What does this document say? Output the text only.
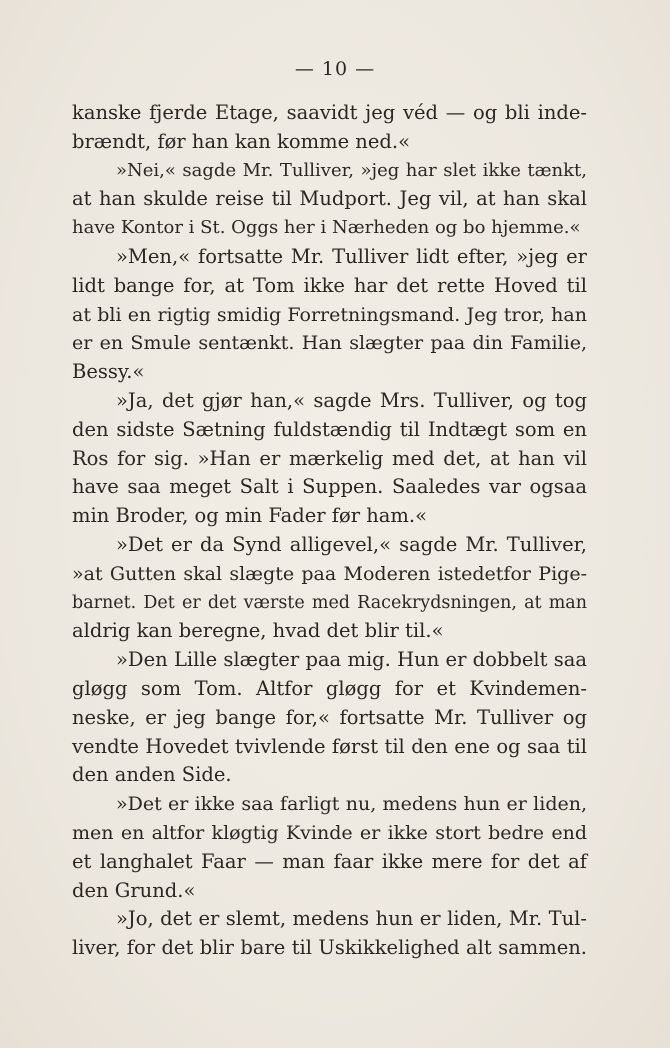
— 10 —
kanske fjerde Etage, saavidt jeg véd — og bli inde-
brændt, før han kan komme ned.«
»Nei,« sagde Mr. Tulliver, »jeg har slet ikke tænkt,
at han skulde reise til Mudport. Jeg vil, at han skal
have Kontor i St. Oggs her i Nærheden og bo hjemme.«
»Men,« fortsatte Mr. Tulliver lidt efter, »jeg er
lidt bange for, at Tom ikke har det rette Hoved til
at bli en rigtig smidig Forretningsmand. Jeg tror, han
er en Smule sentænkt. Han slægter paa din Familie,
Bessy.«
»Ja, det gjør han,« sagde Mrs. Tulliver, og tog
den sidste Sætning fuldstændig til Indtægt som en
Ros for sig. »Han er mærkelig med det, at han vil
have saa meget Salt i Suppen. Saaledes var ogsaa
min Broder, og min Fader før ham.«
»Det er da Synd alligevel,« sagde Mr. Tulliver,
»at Gutten skal slægte paa Moderen istedetfor Pige-
barnet. Det er det værste med Racekrydsningen, at man
aldrig kan beregne, hvad det blir til.«
»Den Lille slægter paa mig. Hun er dobbelt saa
gløgg som Tom. Altfor gløgg for et Kvindemen-
neske, er jeg bange for,« fortsatte Mr. Tulliver og
vendte Hovedet tvivlende først til den ene og saa til
den anden Side.
»Det er ikke saa farligt nu, medens hun er liden,
men en altfor kløgtig Kvinde er ikke stort bedre end
et langhalet Faar — man faar ikke mere for det af
den Grund.«
»Jo, det er slemt, medens hun er liden, Mr. Tul-
liver, for det blir bare til Uskikkelighed alt sammen.
